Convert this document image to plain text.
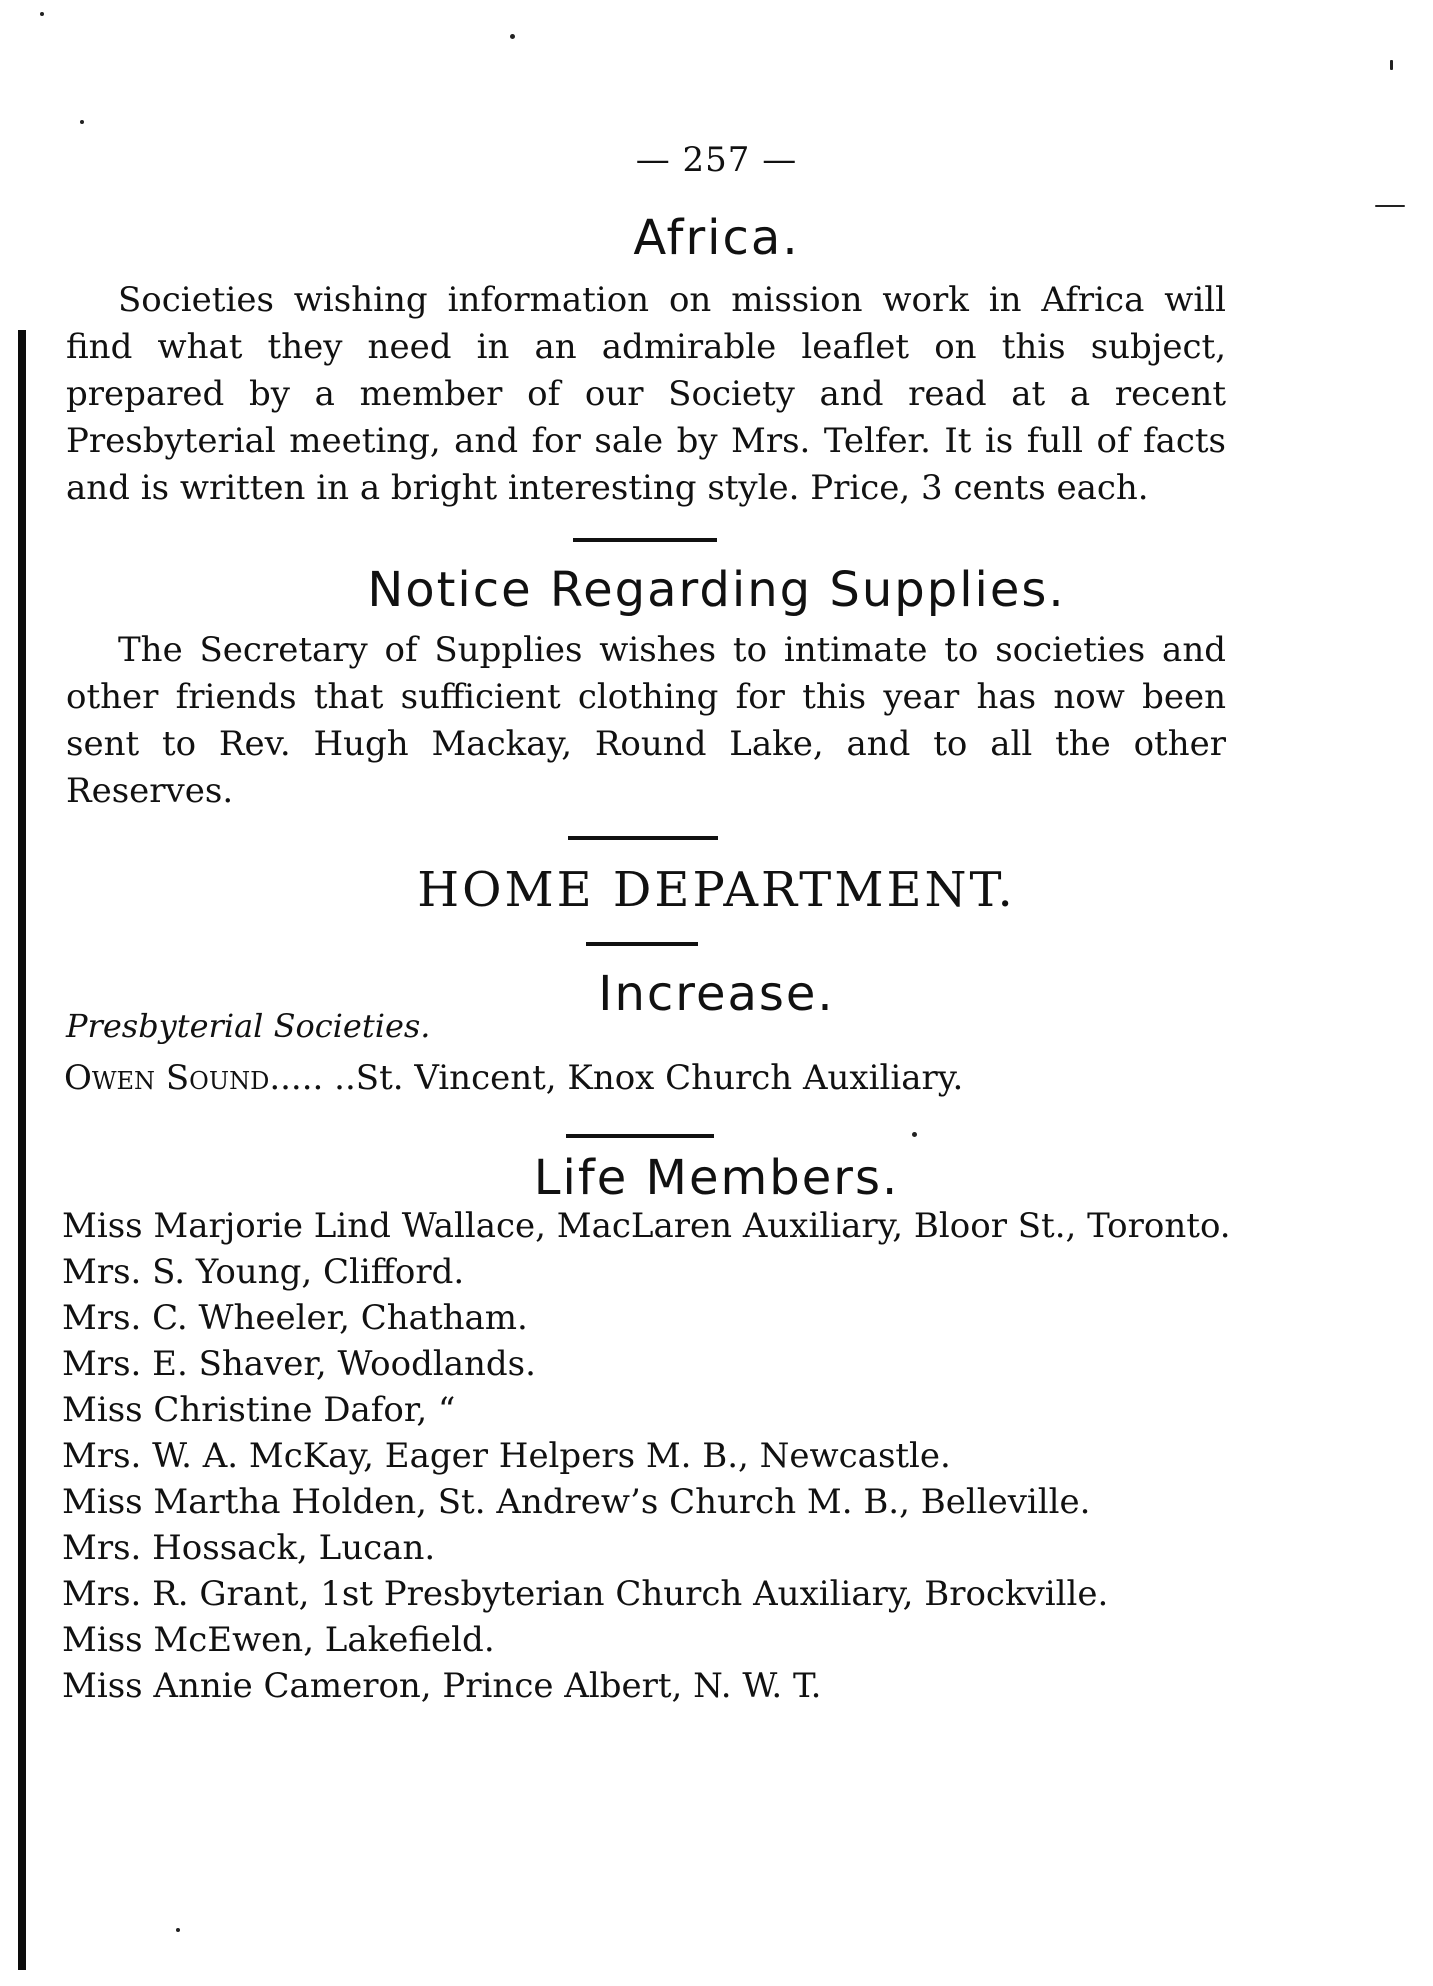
— 257 —
Africa.

Societies wishing information on mission work in Africa will find what they need in an admirable leaflet on this subject, prepared by a member of our Society and read at a recent Presbyterial meeting, and for sale by Mrs. Telfer. It is full of facts and is written in a bright interesting style. Price, 3 cents each.

Notice Regarding Supplies.

The Secretary of Supplies wishes to intimate to societies and other friends that sufficient clothing for this year has now been sent to Rev. Hugh Mackay, Round Lake, and to all the other Reserves.

HOME DEPARTMENT.
Increase.

Presbyterial Societies.

Owen Sound..... ..St. Vincent, Knox Church Auxiliary.

Life Members.
Miss Marjorie Lind Wallace, MacLaren Auxiliary, Bloor St., Toronto.
Mrs. S. Young, Clifford.
Mrs. C. Wheeler, Chatham.
Mrs. E. Shaver, Woodlands.
Miss Christine Dafor, “
Mrs. W. A. McKay, Eager Helpers M. B., Newcastle.
Miss Martha Holden, St. Andrew’s Church M. B., Belleville.
Mrs. Hossack, Lucan.
Mrs. R. Grant, 1st Presbyterian Church Auxiliary, Brockville.
Miss McEwen, Lakefield.
Miss Annie Cameron, Prince Albert, N. W. T.
